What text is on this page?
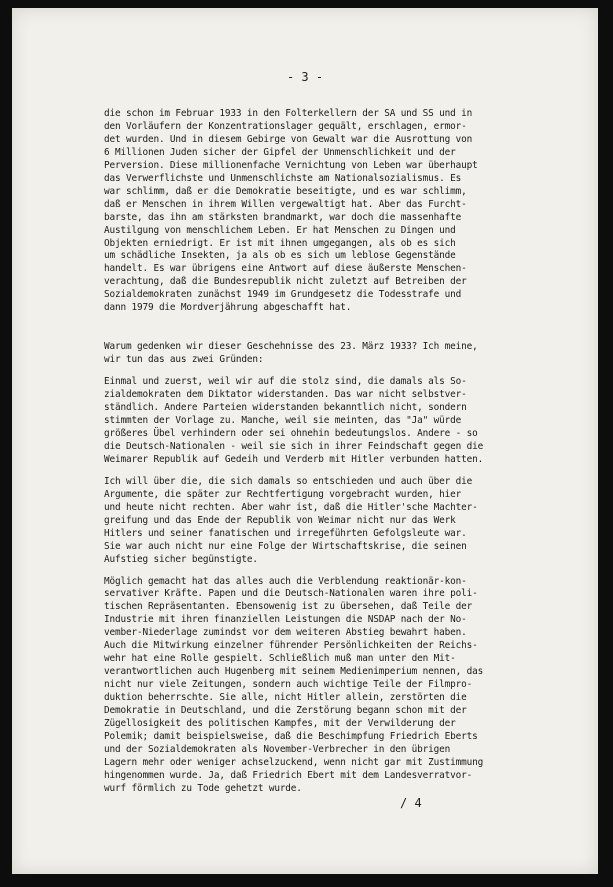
- 3 -
die schon im Februar 1933 in den Folterkellern der SA und SS und in
den Vorläufern der Konzentrationslager gequält, erschlagen, ermor-
det wurden. Und in diesem Gebirge von Gewalt war die Ausrottung von
6 Millionen Juden sicher der Gipfel der Unmenschlichkeit und der
Perversion. Diese millionenfache Vernichtung von Leben war überhaupt
das Verwerflichste und Unmenschlichste am Nationalsozialismus. Es
war schlimm, daß er die Demokratie beseitigte, und es war schlimm,
daß er Menschen in ihrem Willen vergewaltigt hat. Aber das Furcht-
barste, das ihn am stärksten brandmarkt, war doch die massenhafte
Austilgung von menschlichem Leben. Er hat Menschen zu Dingen und
Objekten erniedrigt. Er ist mit ihnen umgegangen, als ob es sich
um schädliche Insekten, ja als ob es sich um leblose Gegenstände
handelt. Es war übrigens eine Antwort auf diese äußerste Menschen-
verachtung, daß die Bundesrepublik nicht zuletzt auf Betreiben der
Sozialdemokraten zunächst 1949 im Grundgesetz die Todesstrafe und
dann 1979 die Mordverjährung abgeschafft hat.
Warum gedenken wir dieser Geschehnisse des 23. März 1933? Ich meine,
wir tun das aus zwei Gründen:
Einmal und zuerst, weil wir auf die stolz sind, die damals als So-
zialdemokraten dem Diktator widerstanden. Das war nicht selbstver-
ständlich. Andere Parteien widerstanden bekanntlich nicht, sondern
stimmten der Vorlage zu. Manche, weil sie meinten, das "Ja" würde
größeres Übel verhindern oder sei ohnehin bedeutungslos. Andere - so
die Deutsch-Nationalen - weil sie sich in ihrer Feindschaft gegen die
Weimarer Republik auf Gedeih und Verderb mit Hitler verbunden hatten.
Ich will über die, die sich damals so entschieden und auch über die
Argumente, die später zur Rechtfertigung vorgebracht wurden, hier
und heute nicht rechten. Aber wahr ist, daß die Hitler'sche Machter-
greifung und das Ende der Republik von Weimar nicht nur das Werk
Hitlers und seiner fanatischen und irregeführten Gefolgsleute war.
Sie war auch nicht nur eine Folge der Wirtschaftskrise, die seinen
Aufstieg sicher begünstigte.
Möglich gemacht hat das alles auch die Verblendung reaktionär-kon-
servativer Kräfte. Papen und die Deutsch-Nationalen waren ihre poli-
tischen Repräsentanten. Ebensowenig ist zu übersehen, daß Teile der
Industrie mit ihren finanziellen Leistungen die NSDAP nach der No-
vember-Niederlage zumindst vor dem weiteren Abstieg bewahrt haben.
Auch die Mitwirkung einzelner führender Persönlichkeiten der Reichs-
wehr hat eine Rolle gespielt. Schließlich muß man unter den Mit-
verantwortlichen auch Hugenberg mit seinem Medienimperium nennen, das
nicht nur viele Zeitungen, sondern auch wichtige Teile der Filmpro-
duktion beherrschte. Sie alle, nicht Hitler allein, zerstörten die
Demokratie in Deutschland, und die Zerstörung begann schon mit der
Zügellosigkeit des politischen Kampfes, mit der Verwilderung der
Polemik; damit beispielsweise, daß die Beschimpfung Friedrich Eberts
und der Sozialdemokraten als November-Verbrecher in den übrigen
Lagern mehr oder weniger achselzuckend, wenn nicht gar mit Zustimmung
hingenommen wurde. Ja, daß Friedrich Ebert mit dem Landesverratvor-
wurf förmlich zu Tode gehetzt wurde.
/ 4
